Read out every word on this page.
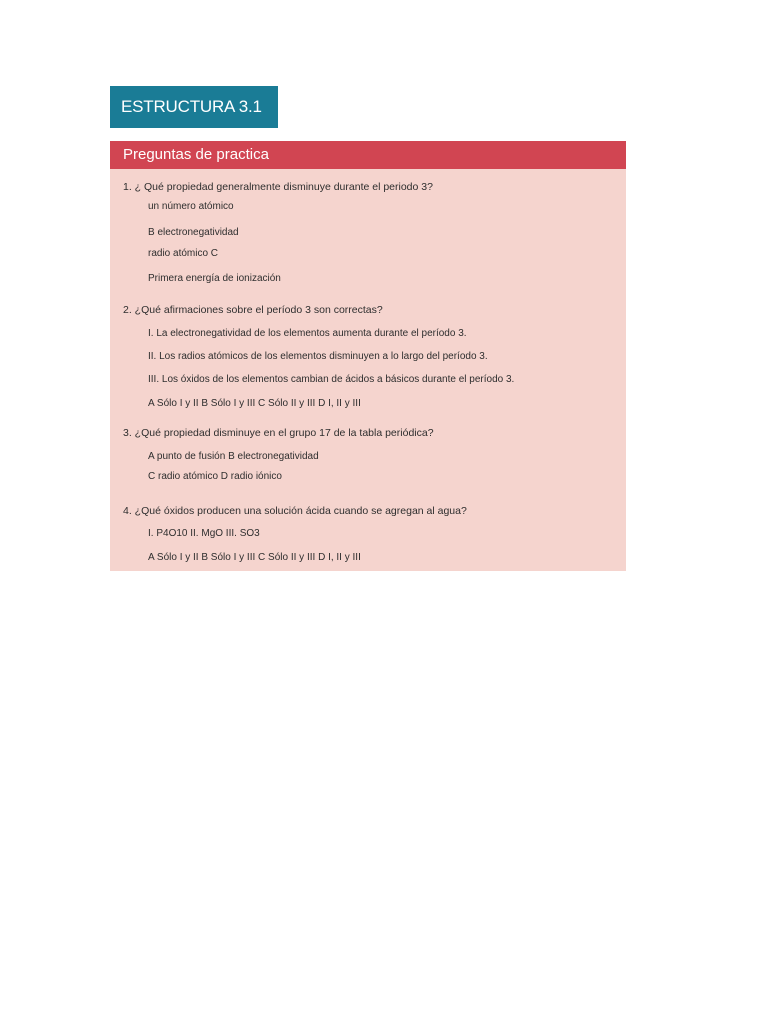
ESTRUCTURA 3.1
Preguntas de practica
1. ¿ Qué propiedad generalmente disminuye durante el periodo 3?
un número atómico
B electronegatividad
radio atómico C
Primera energía de ionización
2. ¿Qué afirmaciones sobre el período 3 son correctas?
I. La electronegatividad de los elementos aumenta durante el período 3.
II. Los radios atómicos de los elementos disminuyen a lo largo del período 3.
III. Los óxidos de los elementos cambian de ácidos a básicos durante el período 3.
A Sólo I y II B Sólo I y III C Sólo II y III D I, II y III
3. ¿Qué propiedad disminuye en el grupo 17 de la tabla periódica?
A punto de fusión B electronegatividad
C radio atómico D radio iónico
4. ¿Qué óxidos producen una solución ácida cuando se agregan al agua?
I. P4O10 II. MgO III. SO3
A Sólo I y II B Sólo I y III C Sólo II y III D I, II y III
